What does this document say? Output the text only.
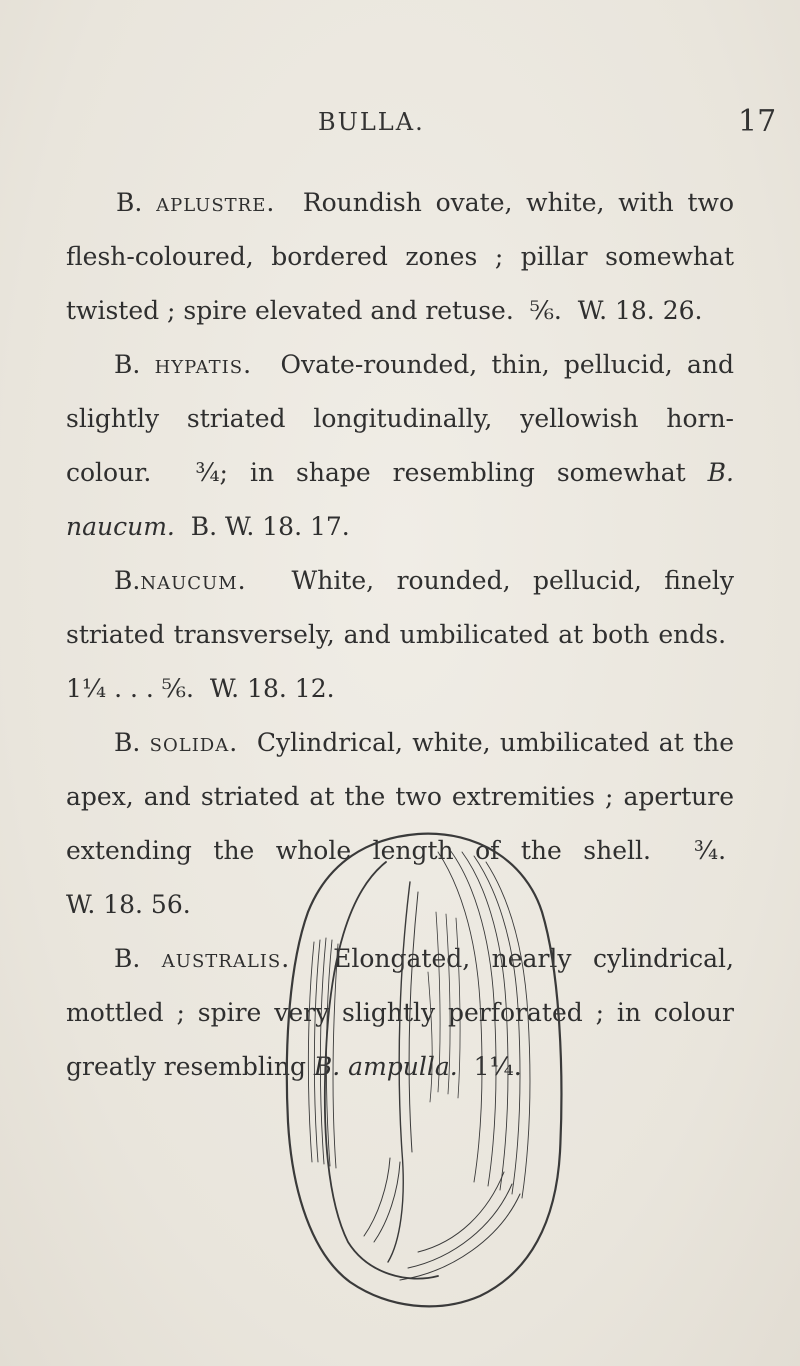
BULLA.	17

B. aplustre. Roundish ovate, white, with two flesh-coloured, bordered zones ; pillar somewhat twisted ; spire elevated and retuse. ⅚. W. 18. 26.

B. hypatis. Ovate-rounded, thin, pellucid, and slightly striated longitudinally, yellowish horn-colour. ¾; in shape resembling somewhat B. naucum. B. W. 18. 17.

B.naucum. White, rounded, pellucid, finely striated transversely, and umbilicated at both ends.  1¼ . . . ⅚. W. 18. 12.

B. solida. Cylindrical, white, umbilicated at the apex, and striated at the two extremities ; aperture extending the whole length of the shell. ¾.  W. 18. 56.

B. australis. Elongated, nearly cylindrical, mottled ; spire very slightly perforated ; in colour greatly resembling B. ampulla. 1¼.
